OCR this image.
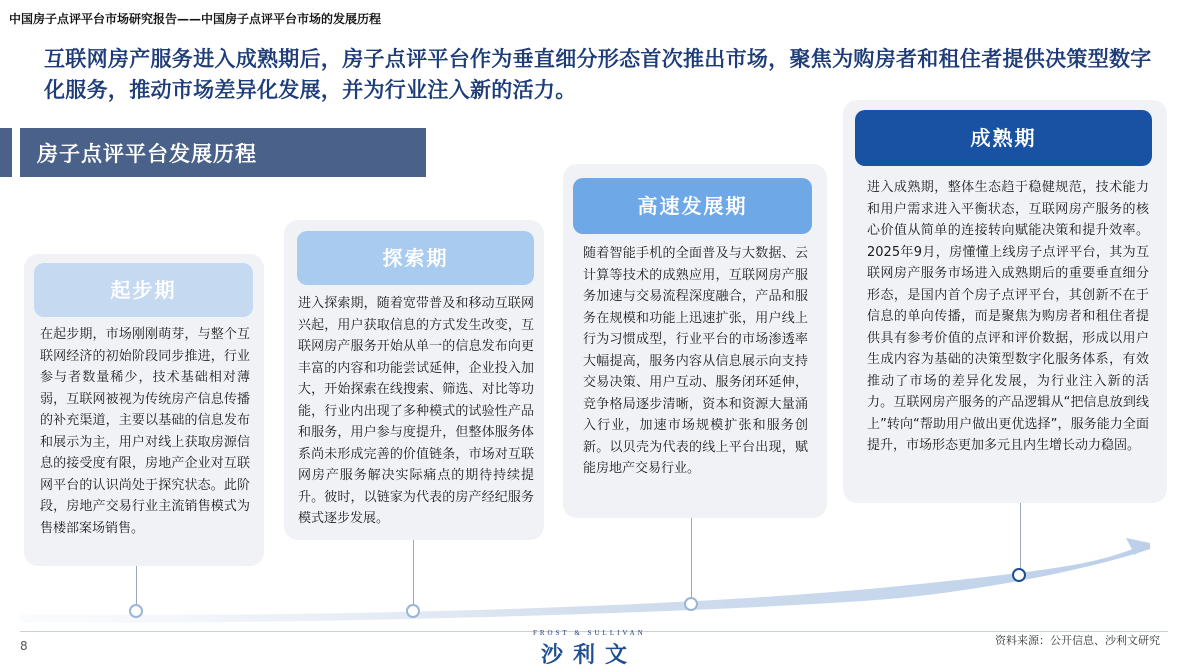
中国房子点评平台市场研究报告——中国房子点评平台市场的发展历程
互联网房产服务进入成熟期后，房子点评平台作为垂直细分形态首次推出市场，聚焦为购房者和租住者提供决策型数字化服务，推动市场差异化发展，并为行业注入新的活力。
房子点评平台发展历程
起步期
在起步期，市场刚刚萌芽，与整个互联网经济的初始阶段同步推进，行业参与者数量稀少，技术基础相对薄弱，互联网被视为传统房产信息传播的补充渠道，主要以基础的信息发布和展示为主，用户对线上获取房源信息的接受度有限，房地产企业对互联网平台的认识尚处于探究状态。此阶段，房地产交易行业主流销售模式为售楼部案场销售。
探索期
进入探索期，随着宽带普及和移动互联网兴起，用户获取信息的方式发生改变，互联网房产服务开始从单一的信息发布向更丰富的内容和功能尝试延伸，企业投入加大，开始探索在线搜索、筛选、对比等功能，行业内出现了多种模式的试验性产品和服务，用户参与度提升，但整体服务体系尚未形成完善的价值链条，市场对互联网房产服务解决实际痛点的期待持续提升。彼时，以链家为代表的房产经纪服务模式逐步发展。
高速发展期
随着智能手机的全面普及与大数据、云计算等技术的成熟应用，互联网房产服务加速与交易流程深度融合，产品和服务在规模和功能上迅速扩张，用户线上行为习惯成型，行业平台的市场渗透率大幅提高，服务内容从信息展示向支持交易决策、用户互动、服务闭环延伸，竞争格局逐步清晰，资本和资源大量涌入行业，加速市场规模扩张和服务创新。以贝壳为代表的线上平台出现，赋能房地产交易行业。
成熟期
进入成熟期，整体生态趋于稳健规范，技术能力和用户需求进入平衡状态，互联网房产服务的核心价值从简单的连接转向赋能决策和提升效率。2025年9月，房懂懂上线房子点评平台，其为互联网房产服务市场进入成熟期后的重要垂直细分形态，是国内首个房子点评平台，其创新不在于信息的单向传播，而是聚焦为购房者和租住者提供具有参考价值的点评和评价数据，形成以用户生成内容为基础的决策型数字化服务体系，有效推动了市场的差异化发展，为行业注入新的活力。互联网房产服务的产品逻辑从“把信息放到线上”转向“帮助用户做出更优选择”，服务能力全面提升，市场形态更加多元且内生增长动力稳固。
8
FROST & SULLIVAN
沙利文
资料来源：公开信息、沙利文研究
